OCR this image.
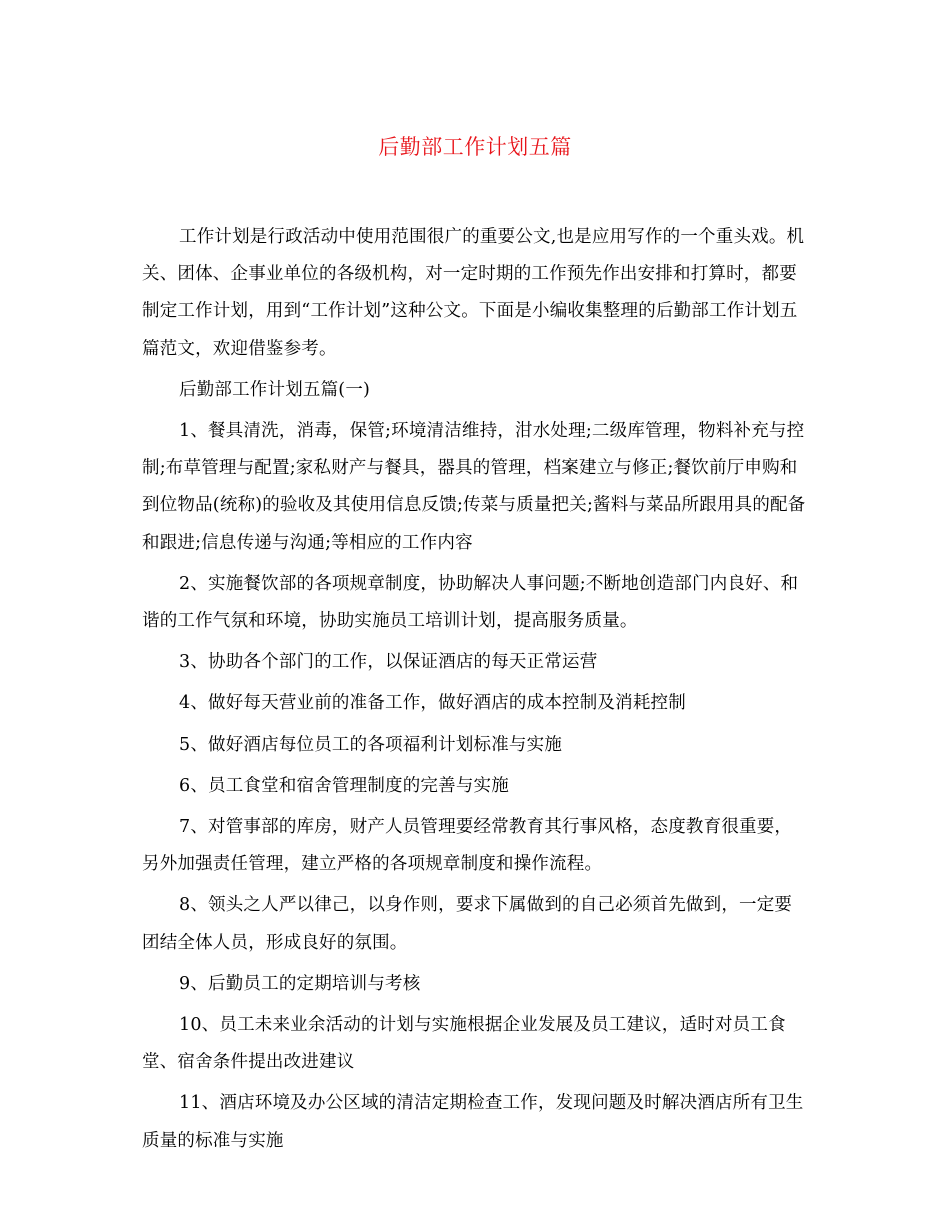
后勤部工作计划五篇

工作计划是行政活动中使用范围很广的重要公文,也是应用写作的一个重头戏。机关、团体、企事业单位的各级机构，对一定时期的工作预先作出安排和打算时，都要制定工作计划，用到“工作计划”这种公文。下面是小编收集整理的后勤部工作计划五篇范文，欢迎借鉴参考。

后勤部工作计划五篇(一)

1、餐具清洗，消毒，保管;环境清洁维持，泔水处理;二级库管理，物料补充与控制;布草管理与配置;家私财产与餐具，器具的管理，档案建立与修正;餐饮前厅申购和到位物品(统称)的验收及其使用信息反馈;传菜与质量把关;酱料与菜品所跟用具的配备和跟进;信息传递与沟通;等相应的工作内容

2、实施餐饮部的各项规章制度，协助解决人事问题;不断地创造部门内良好、和谐的工作气氛和环境，协助实施员工培训计划，提高服务质量。

3、协助各个部门的工作，以保证酒店的每天正常运营

4、做好每天营业前的准备工作，做好酒店的成本控制及消耗控制

5、做好酒店每位员工的各项福利计划标准与实施

6、员工食堂和宿舍管理制度的完善与实施

7、对管事部的库房，财产人员管理要经常教育其行事风格，态度教育很重要，另外加强责任管理，建立严格的各项规章制度和操作流程。

8、领头之人严以律己，以身作则，要求下属做到的自己必须首先做到，一定要团结全体人员，形成良好的氛围。

9、后勤员工的定期培训与考核

10、员工未来业余活动的计划与实施根据企业发展及员工建议，适时对员工食堂、宿舍条件提出改进建议

11、酒店环境及办公区域的清洁定期检查工作，发现问题及时解决酒店所有卫生质量的标准与实施
